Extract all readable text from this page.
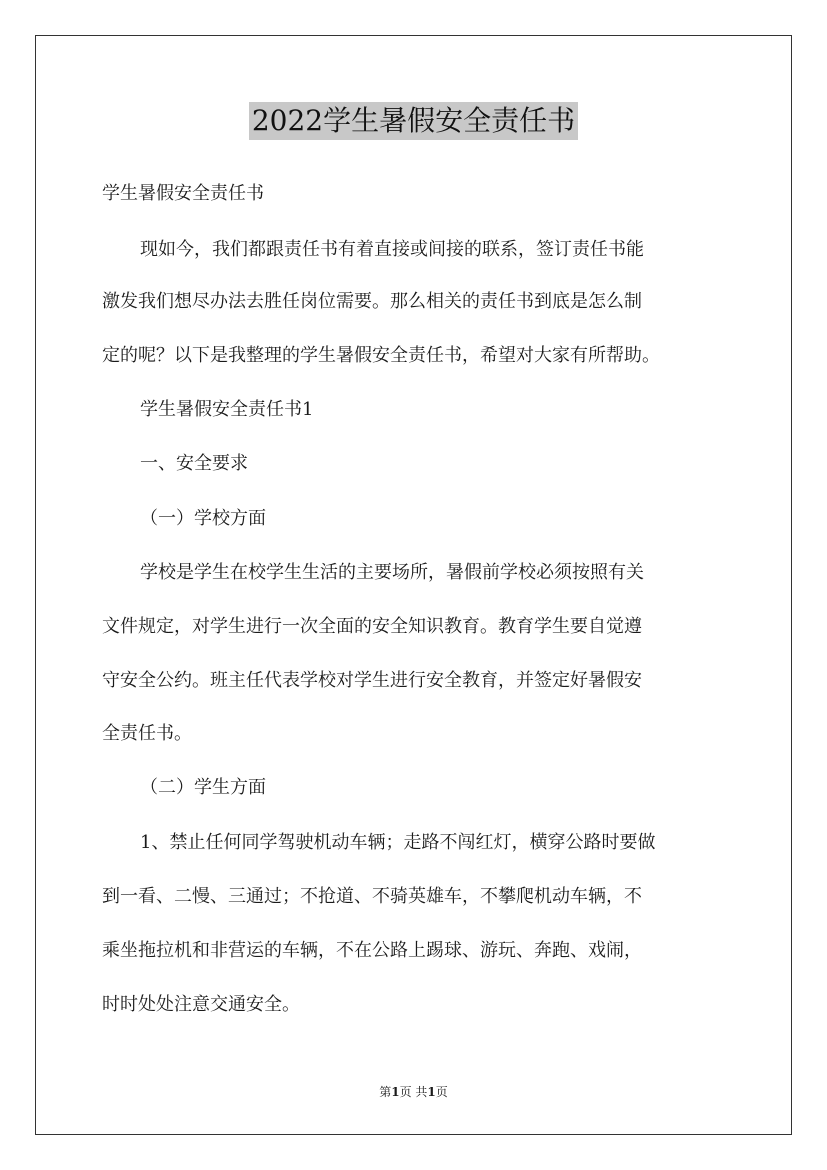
2022学生暑假安全责任书
学生暑假安全责任书
现如今，我们都跟责任书有着直接或间接的联系，签订责任书能
激发我们想尽办法去胜任岗位需要。那么相关的责任书到底是怎么制
定的呢？以下是我整理的学生暑假安全责任书，希望对大家有所帮助。
学生暑假安全责任书1
一、安全要求
（一）学校方面
学校是学生在校学生生活的主要场所，暑假前学校必须按照有关
文件规定，对学生进行一次全面的安全知识教育。教育学生要自觉遵
守安全公约。班主任代表学校对学生进行安全教育，并签定好暑假安
全责任书。
（二）学生方面
1、禁止任何同学驾驶机动车辆；走路不闯红灯，横穿公路时要做
到一看、二慢、三通过；不抢道、不骑英雄车，不攀爬机动车辆，不
乘坐拖拉机和非营运的车辆，不在公路上踢球、游玩、奔跑、戏闹，
时时处处注意交通安全。
第1页 共1页
